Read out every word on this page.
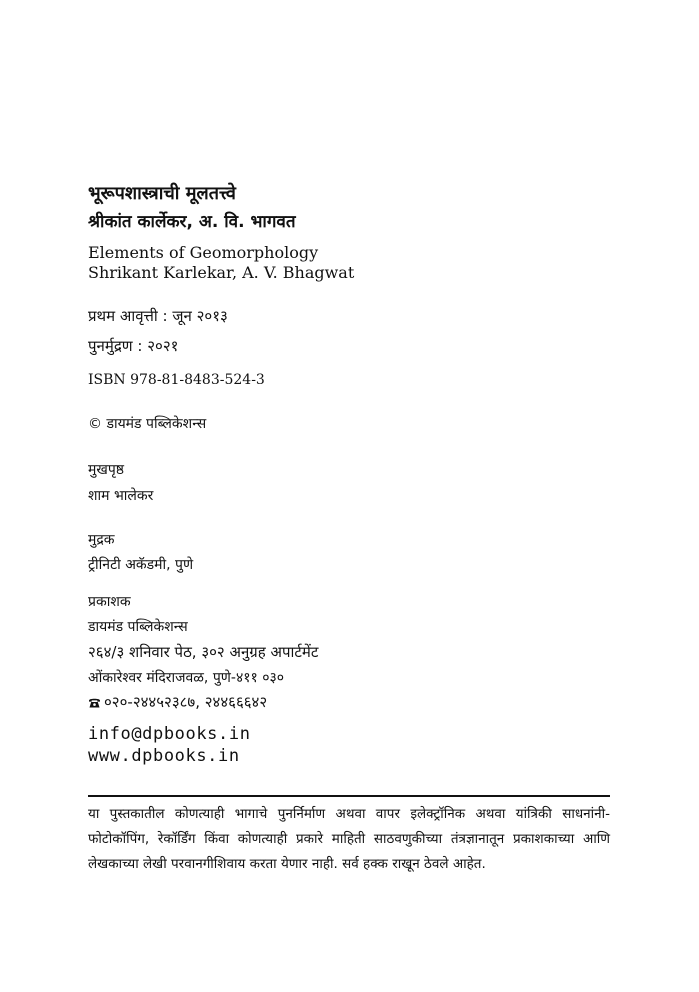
भूरूपशास्त्राची मूलतत्त्वे
श्रीकांत कार्लेकर, अ. वि. भागवत
Elements of Geomorphology
Shrikant Karlekar, A. V. Bhagwat
प्रथम आवृत्ती : जून २०१३
पुनर्मुद्रण : २०२१
ISBN 978-81-8483-524-3
© डायमंड पब्लिकेशन्स
मुखपृष्ठ
शाम भालेकर
मुद्रक
ट्रीनिटी अकॅडमी, पुणे
प्रकाशक
डायमंड पब्लिकेशन्स
२६४/३ शनिवार पेठ, ३०२ अनुग्रह अपार्टमेंट
ओंकारेश्वर मंदिराजवळ, पुणे-४११ ०३०
०२०-२४४५२३८७, २४४६६६४२
info@dpbooks.in
www.dpbooks.in
या पुस्तकातील कोणत्याही भागाचे पुनर्निर्माण अथवा वापर इलेक्ट्रॉनिक अथवा यांत्रिकी साधनांनी-फोटोकॉपिंग, रेकॉर्डिंग किंवा कोणत्याही प्रकारे माहिती साठवणुकीच्या तंत्रज्ञानातून प्रकाशकाच्या आणि लेखकाच्या लेखी परवानगीशिवाय करता येणार नाही. सर्व हक्क राखून ठेवले आहेत.
